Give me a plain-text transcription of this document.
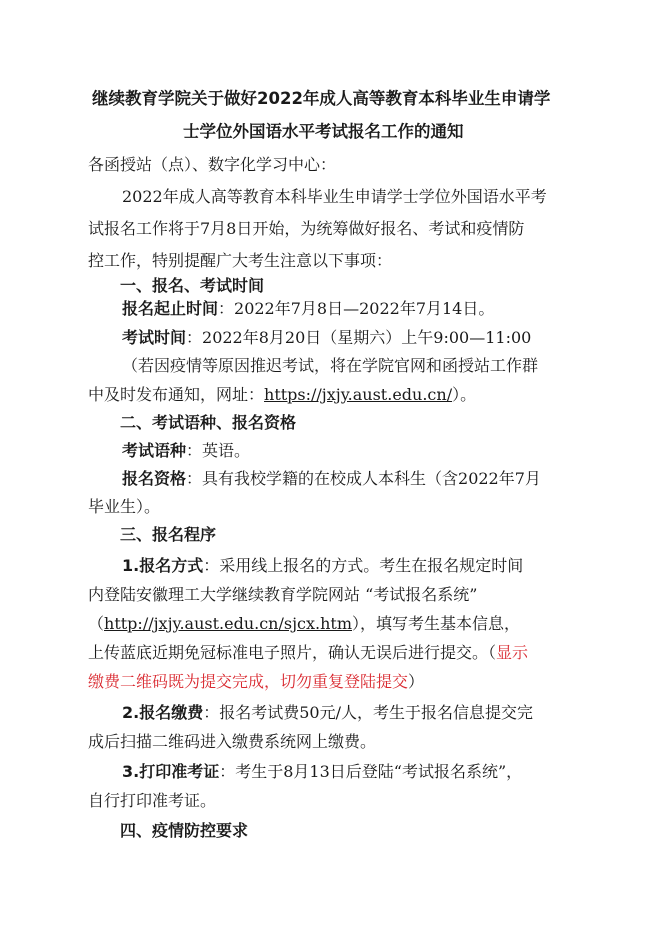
继续教育学院关于做好2022年成人高等教育本科毕业生申请学
士学位外国语水平考试报名工作的通知
各函授站（点）、数字化学习中心：
2022年成人高等教育本科毕业生申请学士学位外国语水平考
试报名工作将于7月8日开始，为统筹做好报名、考试和疫情防
控工作，特别提醒广大考生注意以下事项：
一、报名、考试时间
报名起止时间：2022年7月8日—2022年7月14日。
考试时间：2022年8月20日（星期六）上午9:00—11:00
（若因疫情等原因推迟考试，将在学院官网和函授站工作群
中及时发布通知，网址：https://jxjy.aust.edu.cn/）。
二、考试语种、报名资格
考试语种：英语。
报名资格：具有我校学籍的在校成人本科生（含2022年7月
毕业生）。
三、报名程序
1.报名方式：采用线上报名的方式。考生在报名规定时间
内登陆安徽理工大学继续教育学院网站 “考试报名系统”
（http://jxjy.aust.edu.cn/sjcx.htm），填写考生基本信息，
上传蓝底近期免冠标准电子照片，确认无误后进行提交。（显示
缴费二维码既为提交完成，切勿重复登陆提交）
2.报名缴费：报名考试费50元/人，考生于报名信息提交完
成后扫描二维码进入缴费系统网上缴费。
3.打印准考证：考生于8月13日后登陆“考试报名系统”，
自行打印准考证。
四、疫情防控要求
